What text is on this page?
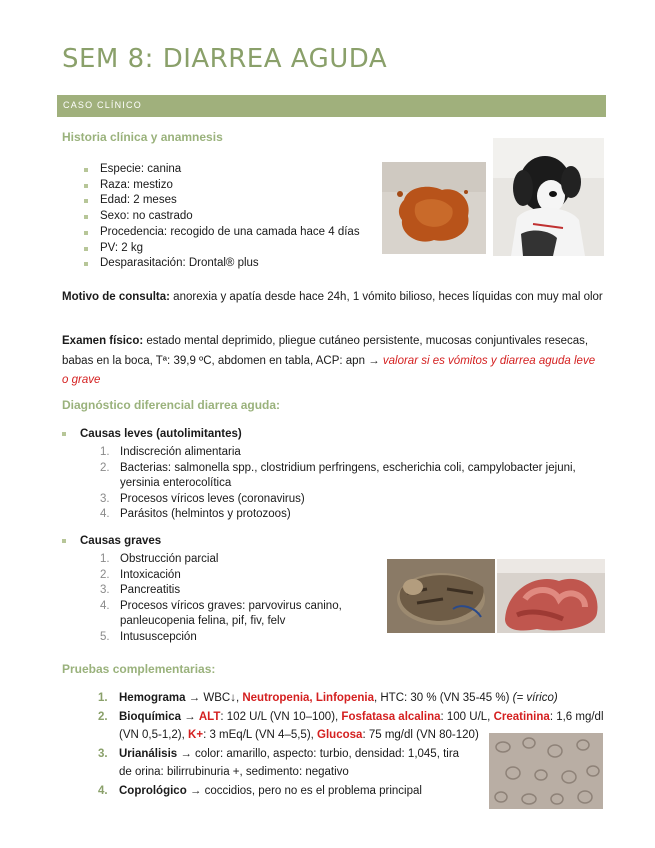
SEM 8: DIARREA AGUDA
CASO CLÍNICO
Historia clínica y anamnesis
Especie: canina
Raza: mestizo
Edad: 2 meses
Sexo: no castrado
Procedencia: recogido de una camada hace 4 días
PV: 2 kg
Desparasitación: Drontal® plus
Motivo de consulta: anorexia y apatía desde hace 24h, 1 vómito bilioso, heces líquidas con muy mal olor
Examen físico: estado mental deprimido, pliegue cutáneo persistente, mucosas conjuntivales resecas, babas en la boca, Tª: 39,9 ºC, abdomen en tabla, ACP: apn → valorar si es vómitos y diarrea aguda leve o grave
Diagnóstico diferencial diarrea aguda:
Causas leves (autolimitantes)
1. Indiscreción alimentaria
2. Bacterias: salmonella spp., clostridium perfringens, escherichia coli, campylobacter jejuni, yersinia enterocolítica
3. Procesos víricos leves (coronavirus)
4. Parásitos (helmintos y protozoos)
Causas graves
1. Obstrucción parcial
2. Intoxicación
3. Pancreatitis
4. Procesos víricos graves: parvovirus canino, panleucopenia felina, pif, fiv, felv
5. Intususcepción
Pruebas complementarias:
1. Hemograma → WBC↓, Neutropenia, Linfopenia, HTC: 30 % (VN 35-45 %) (= vírico)
2. Bioquímica → ALT: 102 U/L (VN 10–100), Fosfatasa alcalina: 100 U/L, Creatinina: 1,6 mg/dl (VN 0,5-1,2), K+: 3 mEq/L (VN 4–5,5), Glucosa: 75 mg/dl (VN 80-120)
3. Urianálisis → color: amarillo, aspecto: turbio, densidad: 1,045, tira de orina: bilirrubinuria +, sedimento: negativo
4. Coprológico → coccidios, pero no es el problema principal
